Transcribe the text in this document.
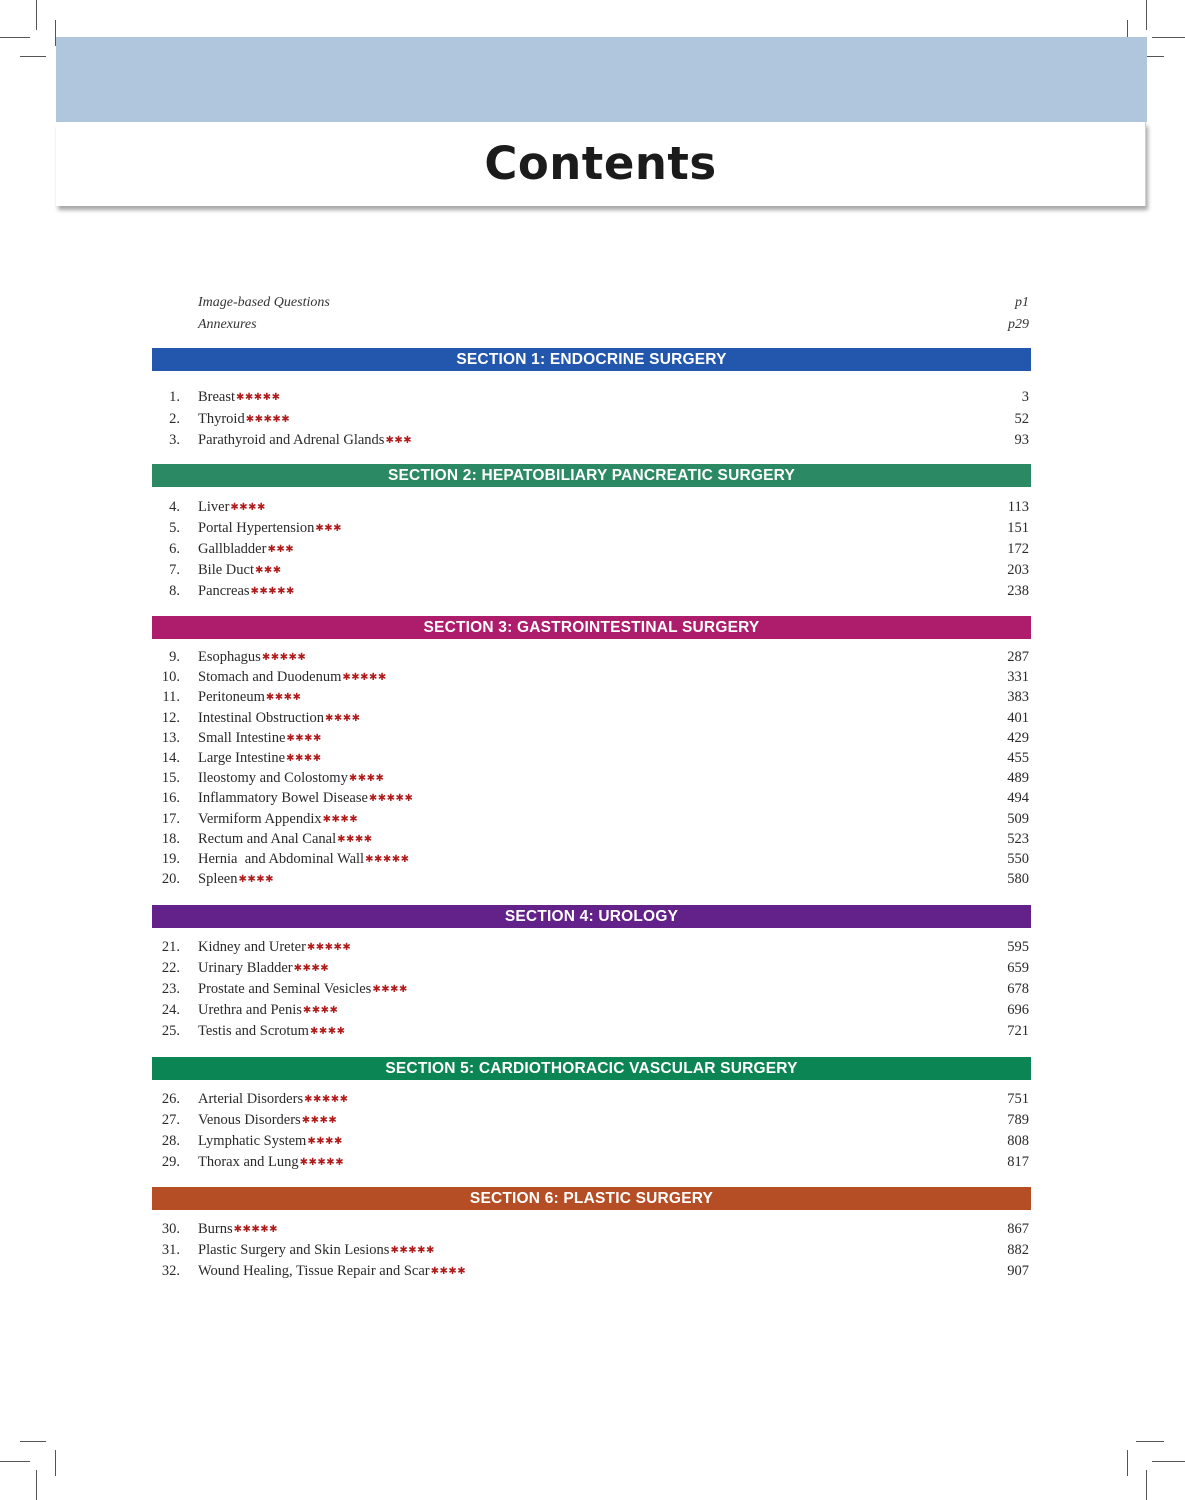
Contents
Image-based Questions	p1
Annexures	p29
SECTION 1: ENDOCRINE SURGERY
1. Breast✱✱✱✱✱	3
2. Thyroid✱✱✱✱✱	52
3. Parathyroid and Adrenal Glands✱✱✱	93
SECTION 2: HEPATOBILIARY PANCREATIC SURGERY
4. Liver✱✱✱✱	113
5. Portal Hypertension✱✱✱	151
6. Gallbladder✱✱✱	172
7. Bile Duct✱✱✱	203
8. Pancreas✱✱✱✱✱	238
SECTION 3: GASTROINTESTINAL SURGERY
9. Esophagus✱✱✱✱✱	287
10. Stomach and Duodenum✱✱✱✱✱	331
11. Peritoneum✱✱✱✱	383
12. Intestinal Obstruction✱✱✱✱	401
13. Small Intestine✱✱✱✱	429
14. Large Intestine✱✱✱✱	455
15. Ileostomy and Colostomy✱✱✱✱	489
16. Inflammatory Bowel Disease✱✱✱✱✱	494
17. Vermiform Appendix✱✱✱✱	509
18. Rectum and Anal Canal✱✱✱✱	523
19. Hernia  and Abdominal Wall✱✱✱✱✱	550
20. Spleen✱✱✱✱	580
SECTION 4: UROLOGY
21. Kidney and Ureter✱✱✱✱✱	595
22. Urinary Bladder✱✱✱✱	659
23. Prostate and Seminal Vesicles✱✱✱✱	678
24. Urethra and Penis✱✱✱✱	696
25. Testis and Scrotum✱✱✱✱	721
SECTION 5: CARDIOTHORACIC VASCULAR SURGERY
26. Arterial Disorders✱✱✱✱✱	751
27. Venous Disorders✱✱✱✱	789
28. Lymphatic System✱✱✱✱	808
29. Thorax and Lung✱✱✱✱✱	817
SECTION 6: PLASTIC SURGERY
30. Burns✱✱✱✱✱	867
31. Plastic Surgery and Skin Lesions✱✱✱✱✱	882
32. Wound Healing, Tissue Repair and Scar✱✱✱✱	907
